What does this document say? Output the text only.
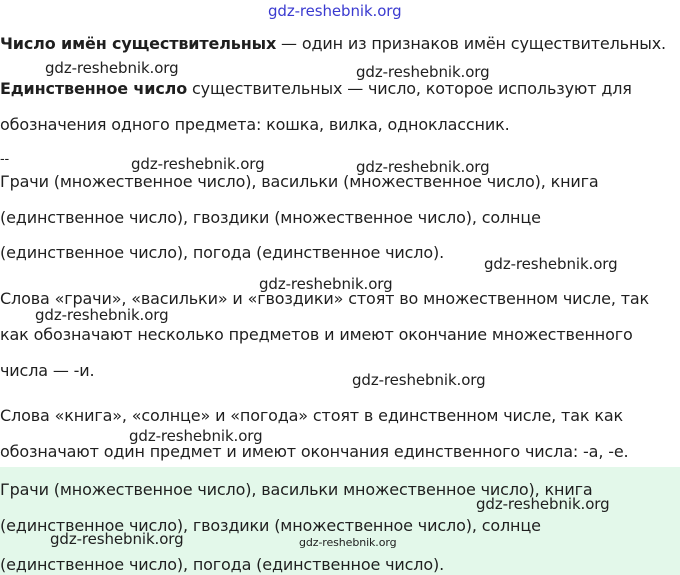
Число имён существительных — один из признаков имён существительных.

Единственное число существительных — число, которое используют для

обозначения одного предмета: кошка, вилка, одноклассник.

--

Грачи (множественное число), васильки (множественное число), книга

(единственное число), гвоздики (множественное число), солнце

(единственное число), погода (единственное число).

Слова «грачи», «васильки» и «гвоздики» стоят во множественном числе, так

как обозначают несколько предметов и имеют окончание множественного

числа — -и.

Слова «книга», «солнце» и «погода» стоят в единственном числе, так как

обозначают один предмет и имеют окончания единственного числа: -а, -е.

Грачи (множественное число), васильки множественное число), книга

(единственное число), гвоздики (множественное число), солнце

(единственное число), погода (единственное число).

gdz-reshebnik.org
gdz-reshebnik.org	gdz-reshebnik.org
gdz-reshebnik.org	gdz-reshebnik.org
gdz-reshebnik.org
gdz-reshebnik.org
gdz-reshebnik.org
gdz-reshebnik.org
gdz-reshebnik.org
gdz-reshebnik.org
gdz-reshebnik.org	gdz-reshebnik.org
